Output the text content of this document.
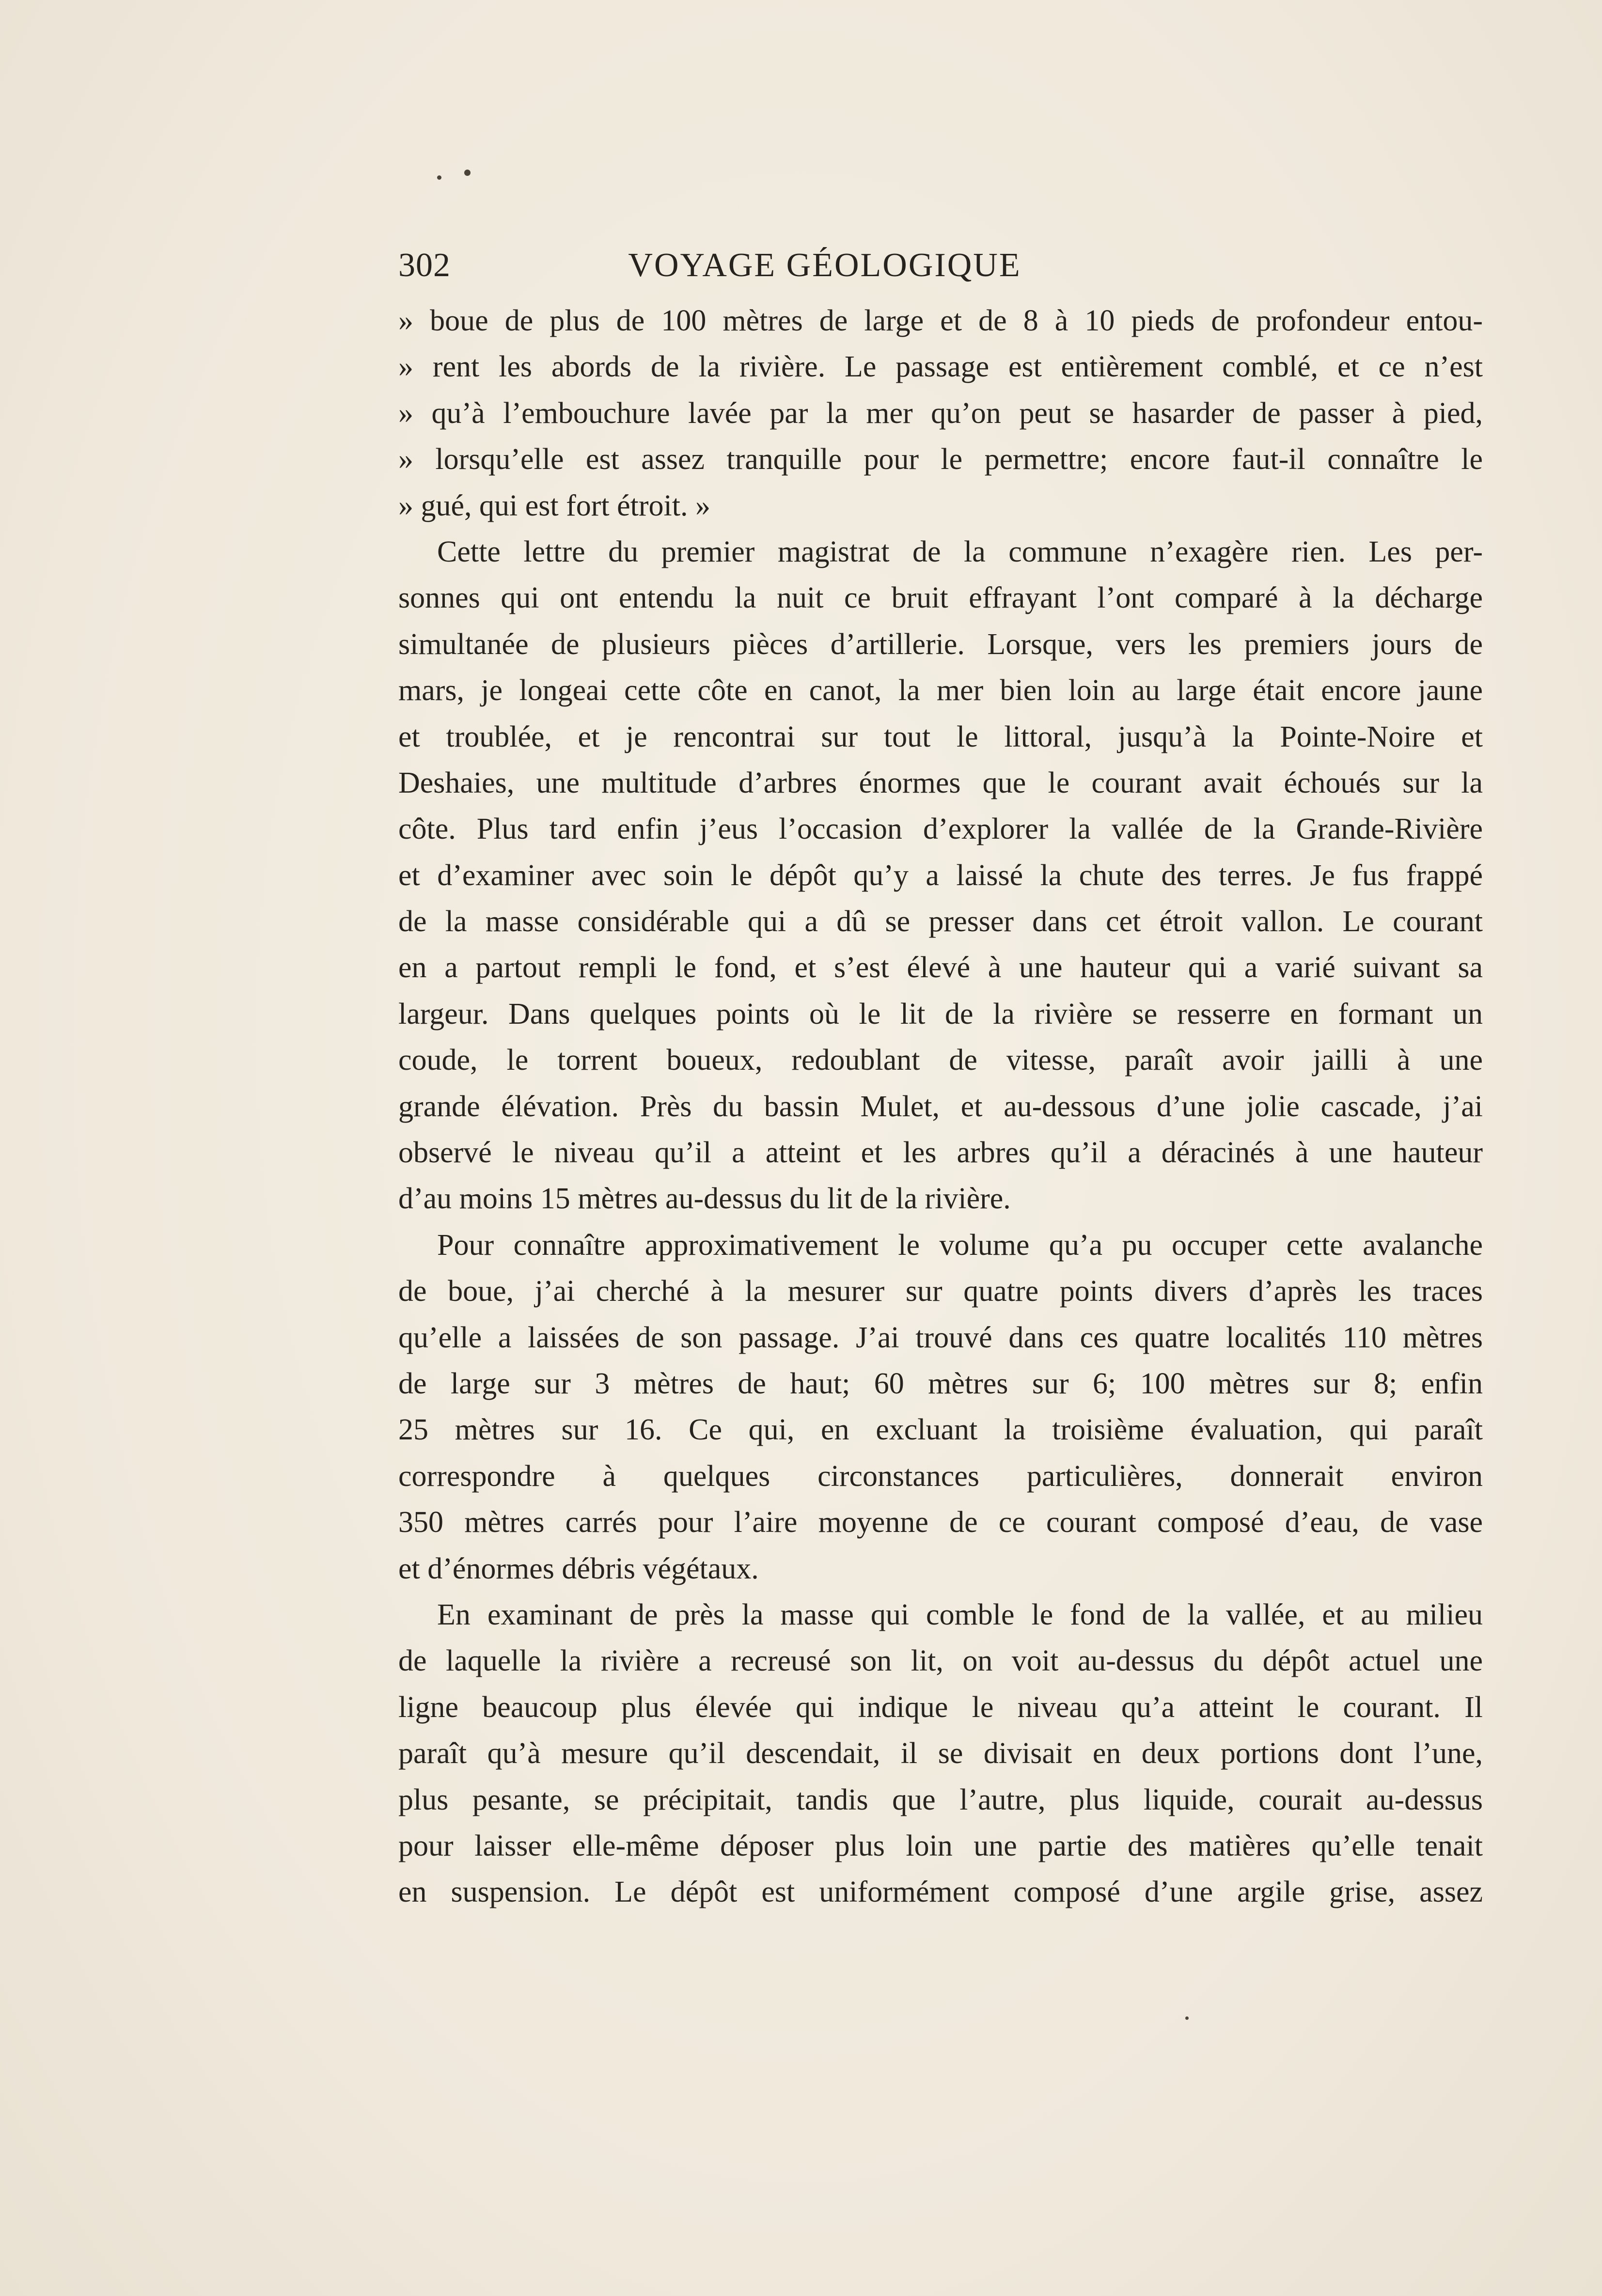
302	VOYAGE GÉOLOGIQUE
» boue de plus de 100 mètres de large et de 8 à 10 pieds de profondeur entou-
» rent les abords de la rivière. Le passage est entièrement comblé, et ce n’est
» qu’à l’embouchure lavée par la mer qu’on peut se hasarder de passer à pied,
» lorsqu’elle est assez tranquille pour le permettre; encore faut-il connaître le
» gué, qui est fort étroit. »
Cette lettre du premier magistrat de la commune n’exagère rien. Les per-
sonnes qui ont entendu la nuit ce bruit effrayant l’ont comparé à la décharge
simultanée de plusieurs pièces d’artillerie. Lorsque, vers les premiers jours de
mars, je longeai cette côte en canot, la mer bien loin au large était encore jaune
et troublée, et je rencontrai sur tout le littoral, jusqu’à la Pointe-Noire et
Deshaies, une multitude d’arbres énormes que le courant avait échoués sur la
côte. Plus tard enfin j’eus l’occasion d’explorer la vallée de la Grande-Rivière
et d’examiner avec soin le dépôt qu’y a laissé la chute des terres. Je fus frappé
de la masse considérable qui a dû se presser dans cet étroit vallon. Le courant
en a partout rempli le fond, et s’est élevé à une hauteur qui a varié suivant sa
largeur. Dans quelques points où le lit de la rivière se resserre en formant un
coude, le torrent boueux, redoublant de vitesse, paraît avoir jailli à une
grande élévation. Près du bassin Mulet, et au-dessous d’une jolie cascade, j’ai
observé le niveau qu’il a atteint et les arbres qu’il a déracinés à une hauteur
d’au moins 15 mètres au-dessus du lit de la rivière.
Pour connaître approximativement le volume qu’a pu occuper cette avalanche
de boue, j’ai cherché à la mesurer sur quatre points divers d’après les traces
qu’elle a laissées de son passage. J’ai trouvé dans ces quatre localités 110 mètres
de large sur 3 mètres de haut; 60 mètres sur 6; 100 mètres sur 8; enfin
25 mètres sur 16. Ce qui, en excluant la troisième évaluation, qui paraît
correspondre à quelques circonstances particulières, donnerait environ
350 mètres carrés pour l’aire moyenne de ce courant composé d’eau, de vase
et d’énormes débris végétaux.
En examinant de près la masse qui comble le fond de la vallée, et au milieu
de laquelle la rivière a recreusé son lit, on voit au-dessus du dépôt actuel une
ligne beaucoup plus élevée qui indique le niveau qu’a atteint le courant. Il
paraît qu’à mesure qu’il descendait, il se divisait en deux portions dont l’une,
plus pesante, se précipitait, tandis que l’autre, plus liquide, courait au-dessus
pour laisser elle-même déposer plus loin une partie des matières qu’elle tenait
en suspension. Le dépôt est uniformément composé d’une argile grise, assez
